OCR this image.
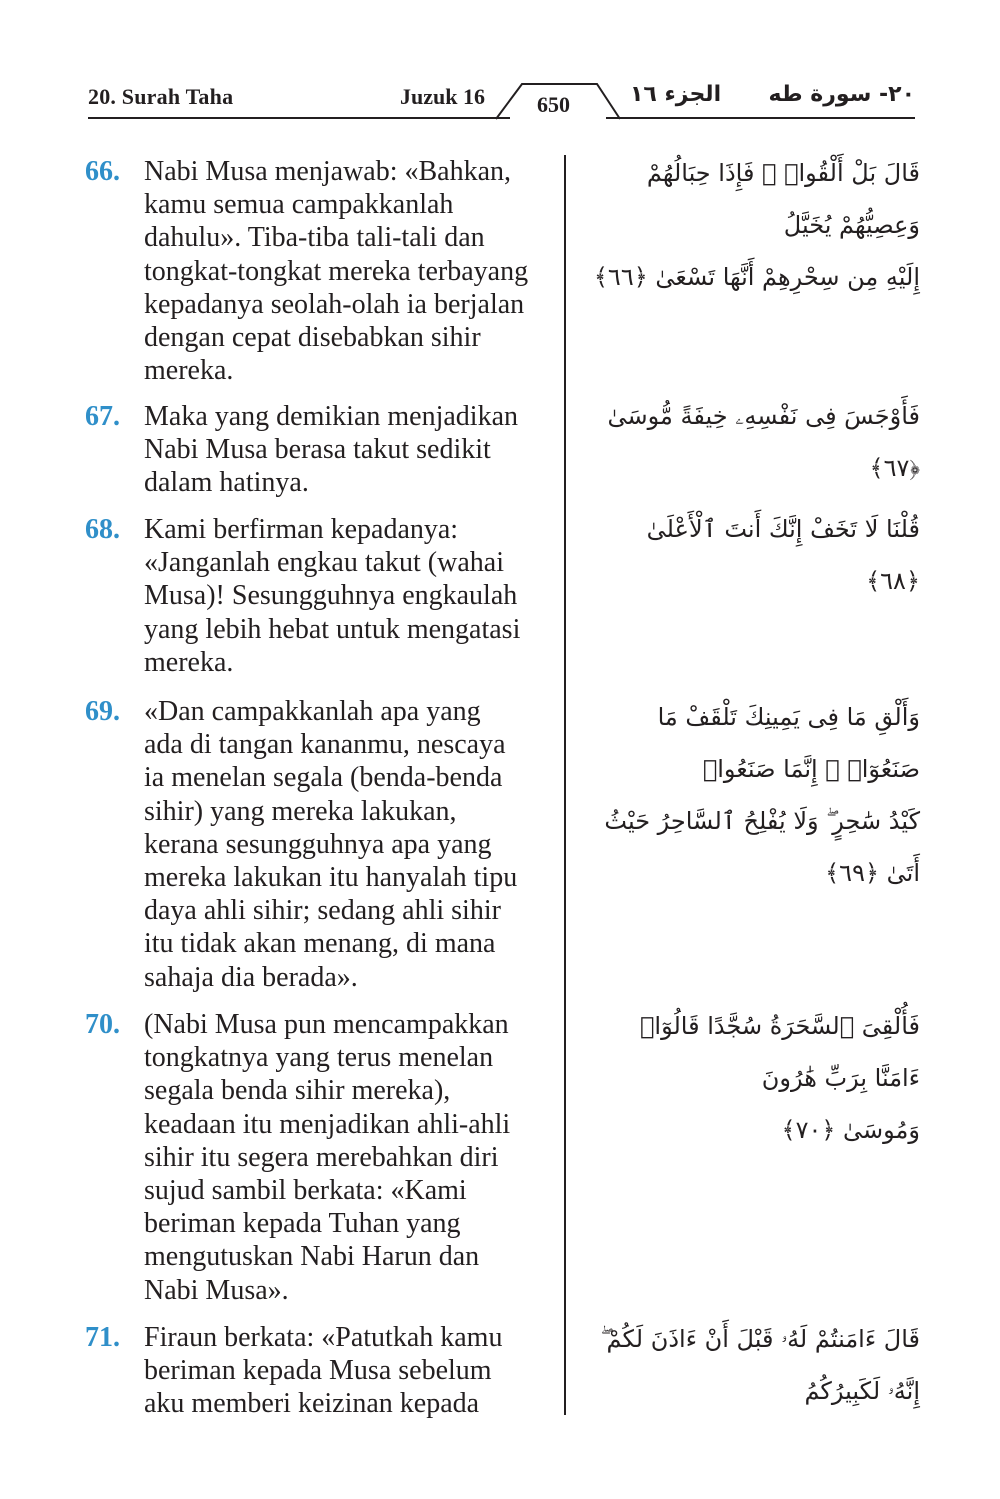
20. Surah Taha	Juzuk 16 650	الجزء ١٦	٢٠- سورة طه
66. Nabi Musa menjawab: «Bahkan,
kamu semua campakkanlah
dahulu». Tiba-tiba tali-tali dan
tongkat-tongkat mereka terbayang
kepadanya seolah-olah ia berjalan
dengan cepat disebabkan sihir
mereka.
قَالَ بَلْ أَلْقُوا۟ ۖ فَإِذَا حِبَالُهُمْ وَعِصِيُّهُمْ يُخَيَّلُ
إِلَيْهِ مِن سِحْرِهِمْ أَنَّهَا تَسْعَىٰ ﴿٦٦﴾
67. Maka yang demikian menjadikan
Nabi Musa berasa takut sedikit
dalam hatinya.
فَأَوْجَسَ فِى نَفْسِهِۦ خِيفَةً مُّوسَىٰ ﴿٦٧﴾
68. Kami berfirman kepadanya:
«Janganlah engkau takut (wahai
Musa)! Sesungguhnya engkaulah
yang lebih hebat untuk mengatasi
mereka.
قُلْنَا لَا تَخَفْ إِنَّكَ أَنتَ ٱلْأَعْلَىٰ ﴿٦٨﴾
69. «Dan campakkanlah apa yang
ada di tangan kananmu, nescaya
ia menelan segala (benda-benda
sihir) yang mereka lakukan,
kerana sesungguhnya apa yang
mereka lakukan itu hanyalah tipu
daya ahli sihir; sedang ahli sihir
itu tidak akan menang, di mana
sahaja dia berada».
وَأَلْقِ مَا فِى يَمِينِكَ تَلْقَفْ مَا صَنَعُوٓا۟ ۖ إِنَّمَا صَنَعُوا۟
كَيْدُ سَٰحِرٍ ۖ وَلَا يُفْلِحُ ٱلسَّاحِرُ حَيْثُ أَتَىٰ ﴿٦٩﴾
70. (Nabi Musa pun mencampakkan
tongkatnya yang terus menelan
segala benda sihir mereka),
keadaan itu menjadikan ahli-ahli
sihir itu segera merebahkan diri
sujud sambil berkata: «Kami
beriman kepada Tuhan yang
mengutuskan Nabi Harun dan
Nabi Musa».
فَأُلْقِىَ ٱلسَّحَرَةُ سُجَّدًا قَالُوٓا۟ ءَامَنَّا بِرَبِّ هَٰرُونَ
وَمُوسَىٰ ﴿٧٠﴾
71. Firaun berkata: «Patutkah kamu
beriman kepada Musa sebelum
aku memberi keizinan kepada
قَالَ ءَامَنتُمْ لَهُۥ قَبْلَ أَنْ ءَاذَنَ لَكُمْ ۖ إِنَّهُۥ لَكَبِيرُكُمُ
